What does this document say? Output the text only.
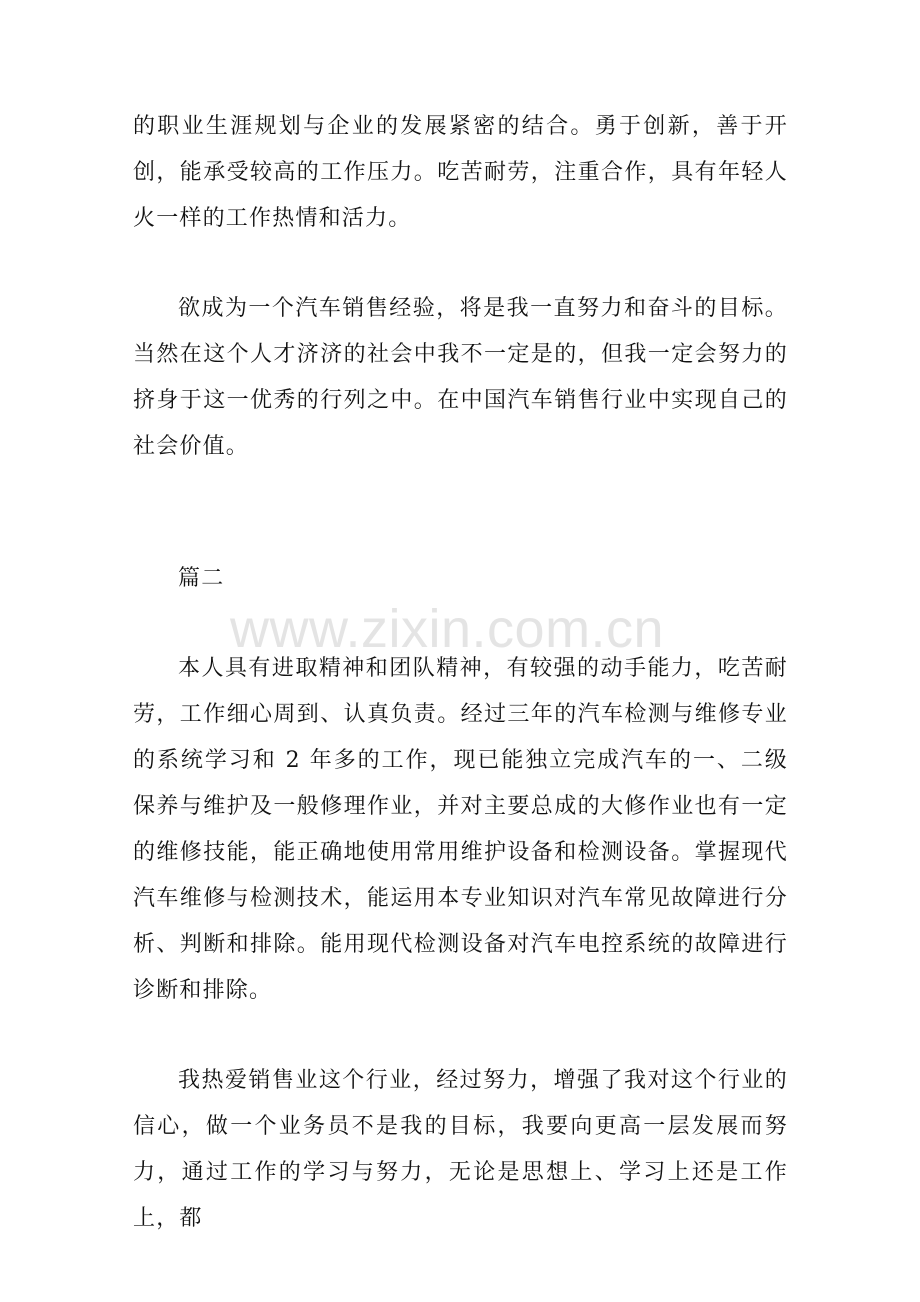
www.zixin.com.cn

的职业生涯规划与企业的发展紧密的结合。勇于创新，善于开创，能承受较高的工作压力。吃苦耐劳，注重合作，具有年轻人火一样的工作热情和活力。

欲成为一个汽车销售经验，将是我一直努力和奋斗的目标。当然在这个人才济济的社会中我不一定是的，但我一定会努力的挤身于这一优秀的行列之中。在中国汽车销售行业中实现自己的社会价值。

篇二

本人具有进取精神和团队精神，有较强的动手能力，吃苦耐劳，工作细心周到、认真负责。经过三年的汽车检测与维修专业的系统学习和 2 年多的工作，现已能独立完成汽车的一、二级保养与维护及一般修理作业，并对主要总成的大修作业也有一定的维修技能，能正确地使用常用维护设备和检测设备。掌握现代汽车维修与检测技术，能运用本专业知识对汽车常见故障进行分析、判断和排除。能用现代检测设备对汽车电控系统的故障进行诊断和排除。

我热爱销售业这个行业，经过努力，增强了我对这个行业的信心，做一个业务员不是我的目标，我要向更高一层发展而努力，通过工作的学习与努力，无论是思想上、学习上还是工作上，都
